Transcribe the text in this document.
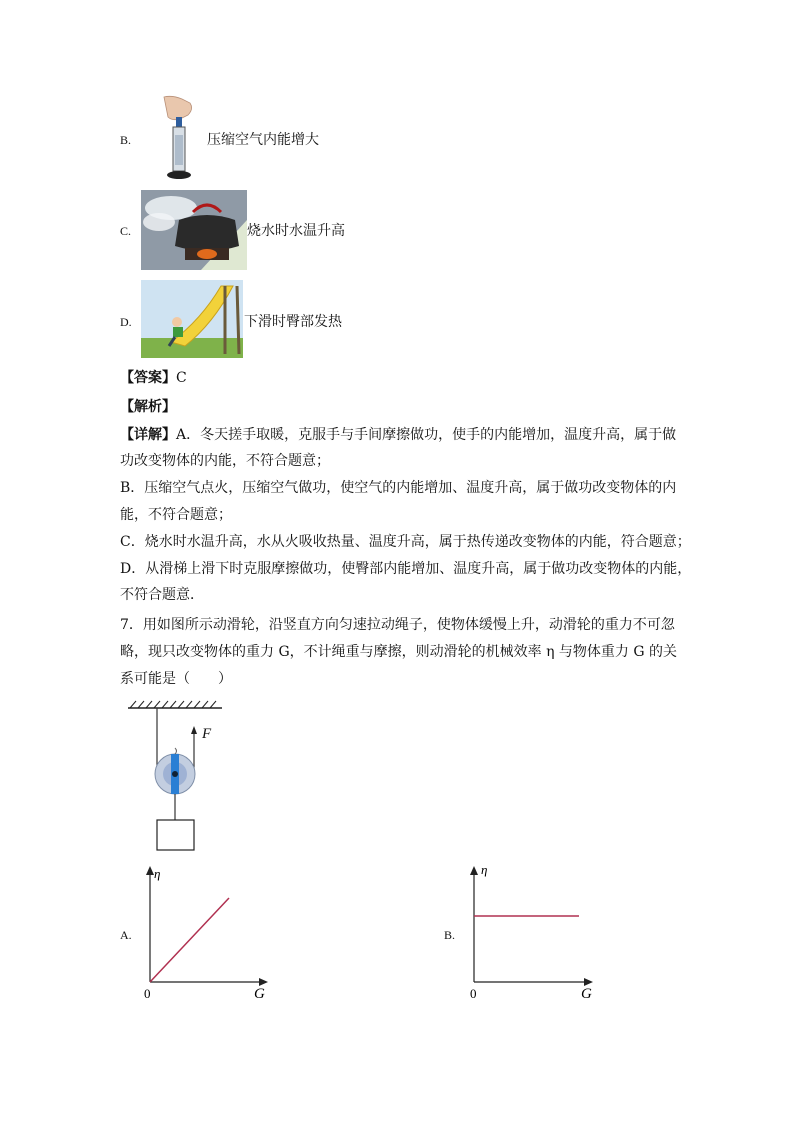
B.	压缩空气内能增大
C.	烧水时水温升高
D.	下滑时臀部发热
【答案】C
【解析】
【详解】A．冬天搓手取暖，克服手与手间摩擦做功，使手的内能增加，温度升高，属于做
功改变物体的内能，不符合题意；
B．压缩空气点火，压缩空气做功，使空气的内能增加、温度升高，属于做功改变物体的内
能，不符合题意；
C．烧水时水温升高，水从火吸收热量、温度升高，属于热传递改变物体的内能，符合题意；
D．从滑梯上滑下时克服摩擦做功，使臀部内能增加、温度升高，属于做功改变物体的内能，
不符合题意．
7．用如图所示动滑轮，沿竖直方向匀速拉动绳子，使物体缓慢上升，动滑轮的重力不可忽
略，现只改变物体的重力 G，不计绳重与摩擦，则动滑轮的机械效率 η 与物体重力 G 的关
系可能是（　　）
F
A.
η
G
0
B.
η
G
0
